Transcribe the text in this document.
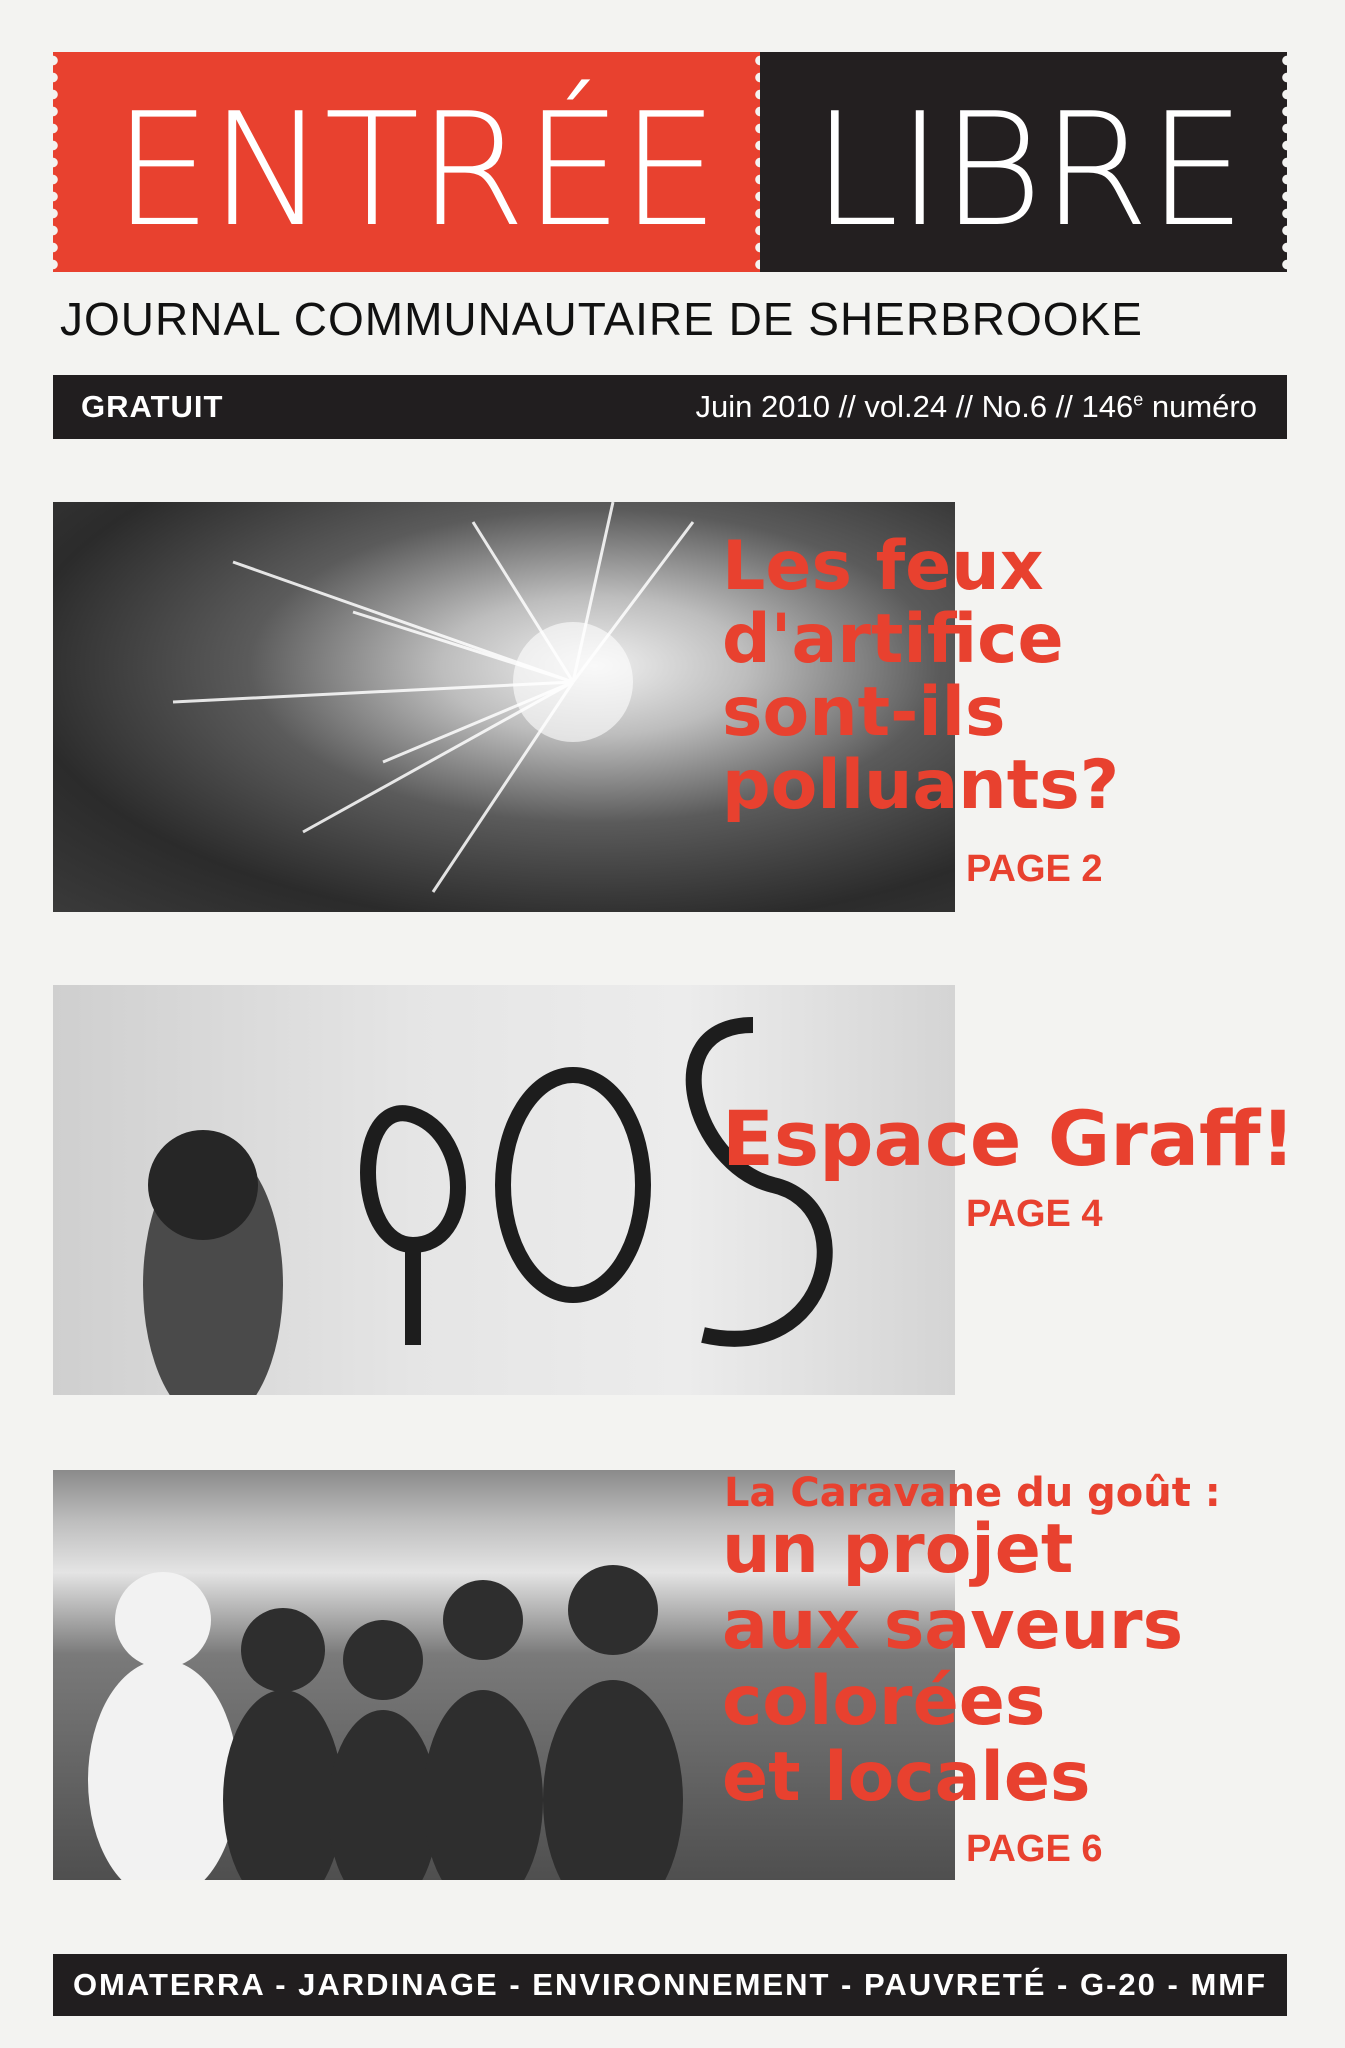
ENTRÉE LIBRE
JOURNAL COMMUNAUTAIRE DE SHERBROOKE
GRATUIT	Juin 2010 // vol.24 // No.6 // 146e numéro
Les feux
d'artifice
sont-ils
polluants?
PAGE 2
Espace Graff!
PAGE 4
La Caravane du goût :
un projet
aux saveurs
colorées
et locales
PAGE 6
OMATERRA - JARDINAGE - ENVIRONNEMENT - PAUVRETÉ - G-20 - MMF
